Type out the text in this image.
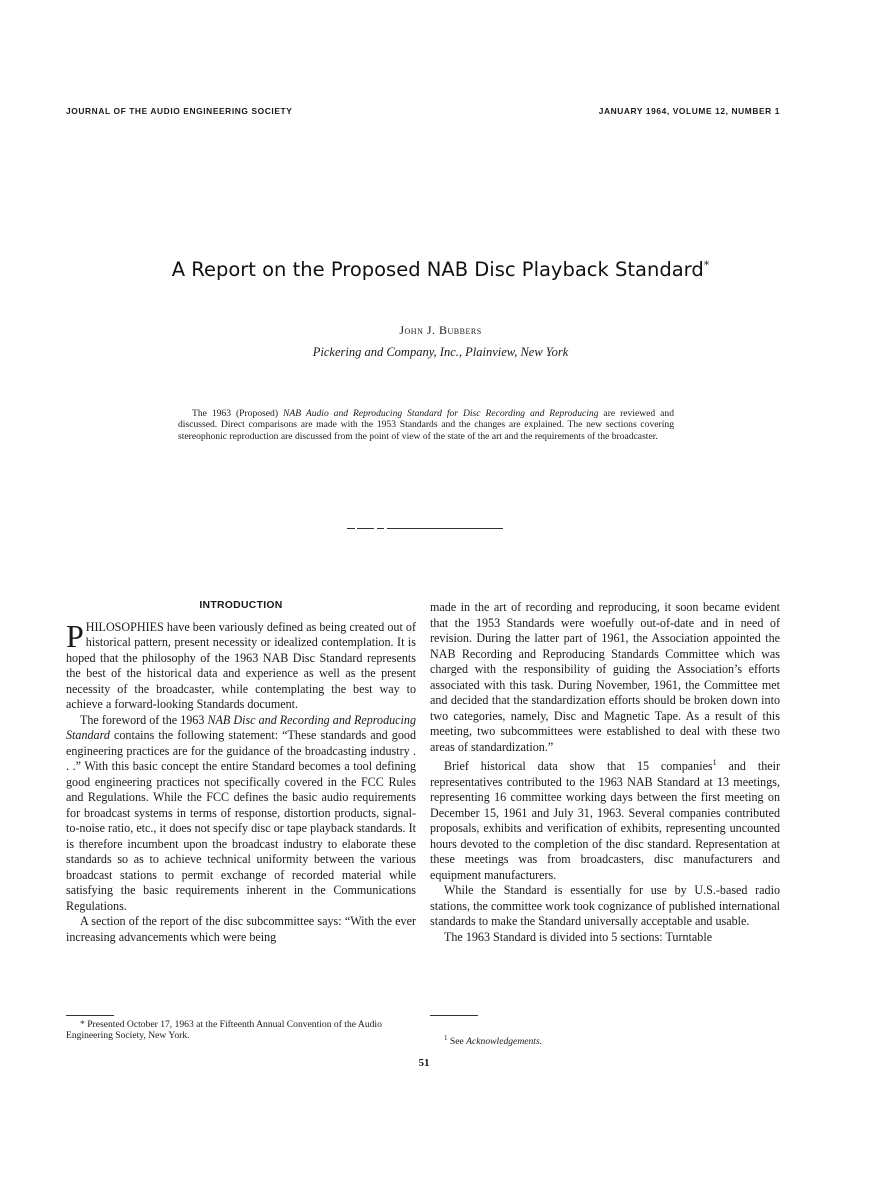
JOURNAL OF THE AUDIO ENGINEERING SOCIETY	JANUARY 1964, VOLUME 12, NUMBER 1
A Report on the Proposed NAB Disc Playback Standard*
John J. Bubbers
Pickering and Company, Inc., Plainview, New York

The 1963 (Proposed) NAB Audio and Reproducing Standard for Disc Recording and Reproducing are reviewed and discussed. Direct comparisons are made with the 1953 Standards and the changes are explained. The new sections covering stereophonic reproduction are discussed from the point of view of the state of the art and the requirements of the broadcaster.

INTRODUCTION

PHILOSOPHIES have been variously defined as being created out of historical pattern, present necessity or idealized contemplation. It is hoped that the philosophy of the 1963 NAB Disc Standard represents the best of the historical data and experience as well as the present necessity of the broadcaster, while contemplating the best way to achieve a forward-looking Standards document.

The foreword of the 1963 NAB Disc and Recording and Reproducing Standard contains the following statement: “These standards and good engineering practices are for the guidance of the broadcasting industry . . .” With this basic concept the entire Standard becomes a tool defining good engineering practices not specifically covered in the FCC Rules and Regulations. While the FCC defines the basic audio requirements for broadcast systems in terms of response, distortion products, signal-to-noise ratio, etc., it does not specify disc or tape playback standards. It is therefore incumbent upon the broadcast industry to elaborate these standards so as to achieve technical uniformity between the various broadcast stations to permit exchange of recorded material while satisfying the basic requirements inherent in the Communications Regulations.

A section of the report of the disc subcommittee says: “With the ever increasing advancements which were being

made in the art of recording and reproducing, it soon became evident that the 1953 Standards were woefully out-of-date and in need of revision. During the latter part of 1961, the Association appointed the NAB Recording and Reproducing Standards Committee which was charged with the responsibility of guiding the Association’s efforts associated with this task. During November, 1961, the Committee met and decided that the standardization efforts should be broken down into two categories, namely, Disc and Magnetic Tape. As a result of this meeting, two subcommittees were established to deal with these two areas of standardization.”

Brief historical data show that 15 companies$^1$ and their representatives contributed to the 1963 NAB Standard at 13 meetings, representing 16 committee working days between the first meeting on December 15, 1961 and July 31, 1963. Several companies contributed proposals, exhibits and verification of exhibits, representing uncounted hours devoted to the completion of the disc standard. Representation at these meetings was from broadcasters, disc manufacturers and equipment manufacturers.

While the Standard is essentially for use by U.S.-based radio stations, the committee work took cognizance of published international standards to make the Standard universally acceptable and usable.

The 1963 Standard is divided into 5 sections: Turntable

* Presented October 17, 1963 at the Fifteenth Annual Convention of the Audio Engineering Society, New York.	$^1$ See Acknowledgements.
51
